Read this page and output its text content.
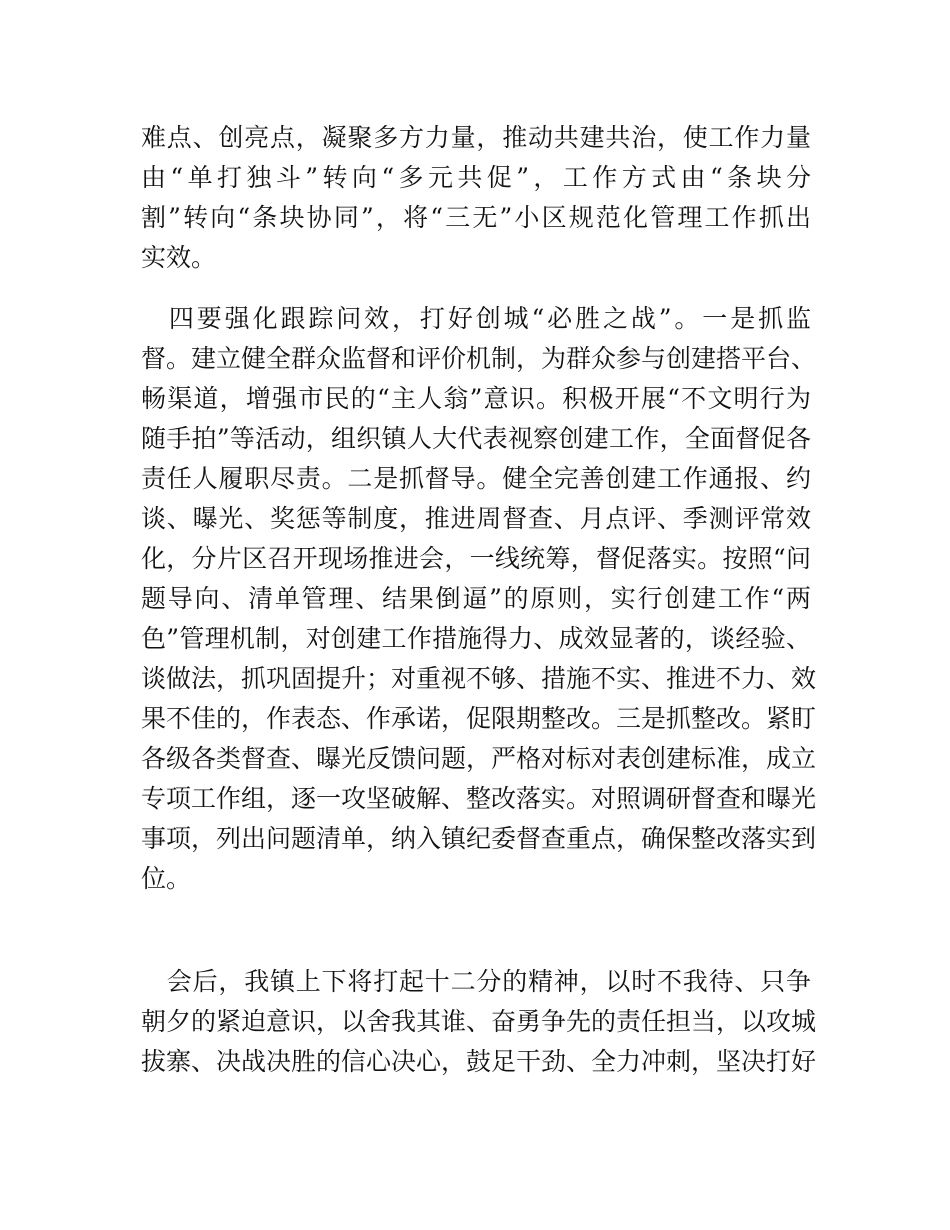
难点、创亮点，凝聚多方力量，推动共建共治，使工作力量
由“单打独斗”转向“多元共促”，工作方式由“条块分
割”转向“条块协同”，将“三无”小区规范化管理工作抓出
实效。
　四要强化跟踪问效，打好创城“必胜之战”。一是抓监
督。建立健全群众监督和评价机制，为群众参与创建搭平台、
畅渠道，增强市民的“主人翁”意识。积极开展“不文明行为
随手拍”等活动，组织镇人大代表视察创建工作，全面督促各
责任人履职尽责。二是抓督导。健全完善创建工作通报、约
谈、曝光、奖惩等制度，推进周督查、月点评、季测评常效
化，分片区召开现场推进会，一线统筹，督促落实。按照“问
题导向、清单管理、结果倒逼”的原则，实行创建工作“两
色”管理机制，对创建工作措施得力、成效显著的，谈经验、
谈做法，抓巩固提升；对重视不够、措施不实、推进不力、效
果不佳的，作表态、作承诺，促限期整改。三是抓整改。紧盯
各级各类督查、曝光反馈问题，严格对标对表创建标准，成立
专项工作组，逐一攻坚破解、整改落实。对照调研督查和曝光
事项，列出问题清单，纳入镇纪委督查重点，确保整改落实到
位。
　会后，我镇上下将打起十二分的精神，以时不我待、只争
朝夕的紧迫意识，以舍我其谁、奋勇争先的责任担当，以攻城
拔寨、决战决胜的信心决心，鼓足干劲、全力冲刺，坚决打好
